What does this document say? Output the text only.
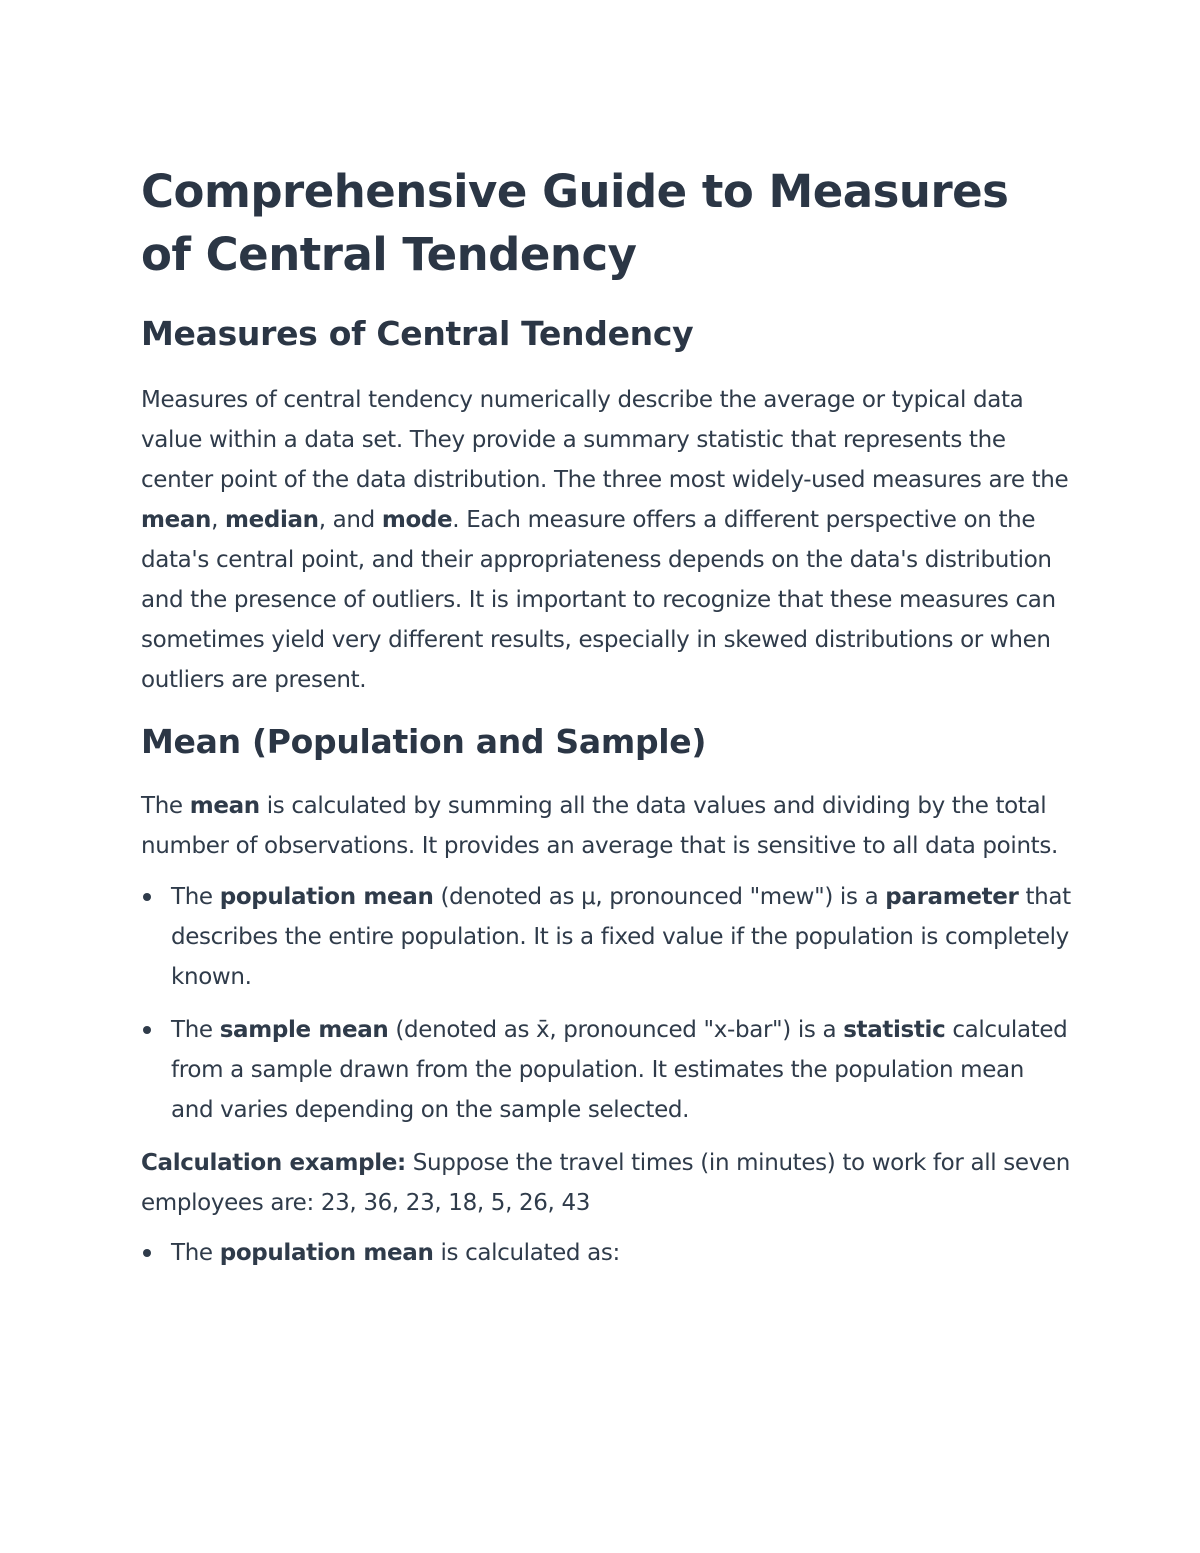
Comprehensive Guide to Measures of Central Tendency
Measures of Central Tendency

Measures of central tendency numerically describe the average or typical data value within a data set. They provide a summary statistic that represents the center point of the data distribution. The three most widely-used measures are the mean, median, and mode. Each measure offers a different perspective on the data's central point, and their appropriateness depends on the data's distribution and the presence of outliers. It is important to recognize that these measures can sometimes yield very different results, especially in skewed distributions or when outliers are present.

Mean (Population and Sample)

The mean is calculated by summing all the data values and dividing by the total number of observations. It provides an average that is sensitive to all data points.

The population mean (denoted as μ, pronounced "mew") is a parameter that describes the entire population. It is a fixed value if the population is completely known.
The sample mean (denoted as x̄, pronounced "x-bar") is a statistic calculated from a sample drawn from the population. It estimates the population mean and varies depending on the sample selected.

Calculation example: Suppose the travel times (in minutes) to work for all seven employees are: 23, 36, 23, 18, 5, 26, 43

The population mean is calculated as:
